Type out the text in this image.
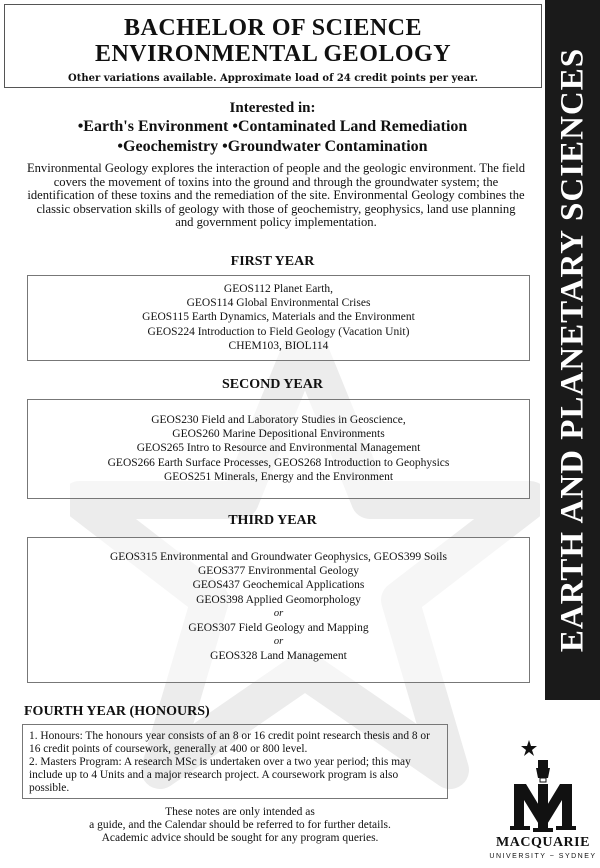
BACHELOR OF SCIENCE
ENVIRONMENTAL GEOLOGY
Other variations available. Approximate load of 24 credit points per year.
Interested in:
•Earth's Environment •Contaminated Land Remediation
•Geochemistry •Groundwater Contamination
Environmental Geology explores the interaction of people and the geologic environment. The field covers the movement of toxins into the ground and through the groundwater system; the identification of these toxins and the remediation of the site. Environmental Geology combines the classic observation skills of geology with those of geochemistry, geophysics, land use planning and government policy implementation.
FIRST YEAR
GEOS112 Planet Earth,
GEOS114 Global Environmental Crises
GEOS115 Earth Dynamics, Materials and the Environment
GEOS224 Introduction to Field Geology (Vacation Unit)
CHEM103, BIOL114
SECOND YEAR
GEOS230 Field and Laboratory Studies in Geoscience,
GEOS260 Marine Depositional Environments
GEOS265 Intro to Resource and Environmental Management
GEOS266 Earth Surface Processes, GEOS268 Introduction to Geophysics
GEOS251 Minerals, Energy and the Environment
THIRD YEAR
GEOS315 Environmental and Groundwater Geophysics, GEOS399 Soils
GEOS377 Environmental Geology
GEOS437 Geochemical Applications
GEOS398 Applied Geomorphology
or
GEOS307 Field Geology and Mapping
or
GEOS328 Land Management
FOURTH YEAR (HONOURS)
1. Honours: The honours year consists of an 8 or 16 credit point research thesis and 8 or 16 credit points of coursework, generally at 400 or 800 level.
2. Masters Program: A research MSc is undertaken over a two year period; this may include up to 4 Units and a major research project. A coursework program is also possible.
These notes are only intended as
a guide, and the Calendar should be referred to for further details.
Academic advice should be sought for any program queries.
EARTH AND PLANETARY SCIENCES
MACQUARIE
UNIVERSITY ~ SYDNEY
